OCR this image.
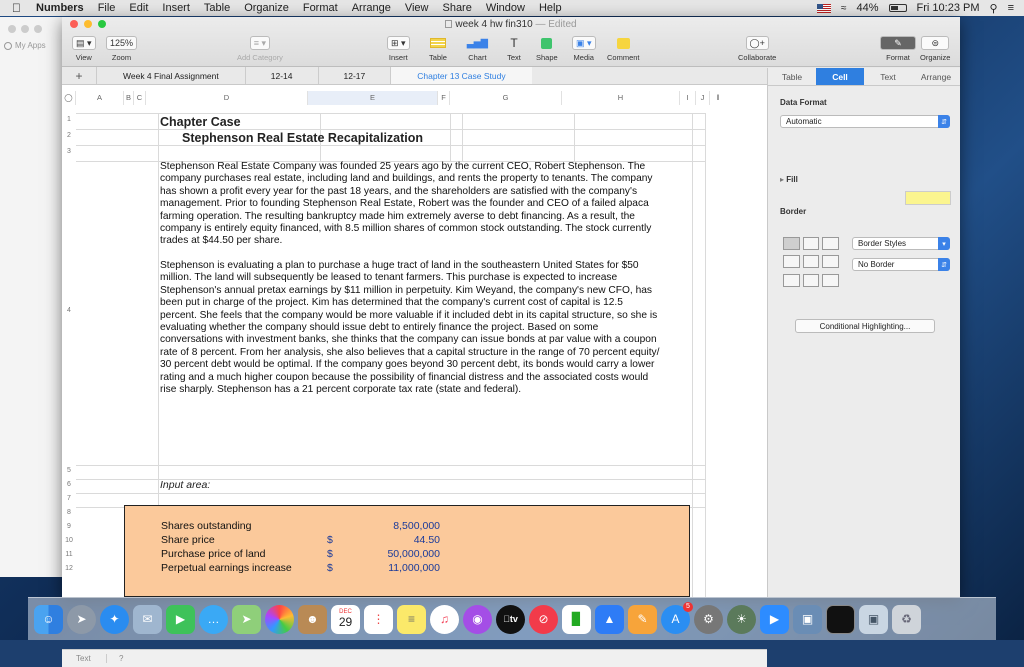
Numbers	File	Edit	Insert	Table	Organize	Format	Arrange	View	Share	Window	Help	≈ 44%	Fri 10:23 PM ⚲ ≡
My Apps
week 4 hw fin310 — Edited
▤ ▾
View
125%
Zoom
≡ ▾
Add Category
⊞ ▾
Insert	Table
▃▅▇
Chart
T
Text Shape
▣ ▾
Media Comment
◯+
Collaborate
✎
Format
⊜
Organize
+	Week 4 Final Assignment	12-14	12-17	Chapter 13 Case Study
◯	A	B C	D	E	F	G	H	I	J	‖
1
2
3
4
5
6
7
8
9
10
11
12
Chapter Case
Stephenson Real Estate Recapitalization
Stephenson Real Estate Company was founded 25 years ago by the current CEO, Robert Stephenson. The
company purchases real estate, including land and buildings, and rents the property to tenants. The company
has shown a profit every year for the past 18 years, and the shareholders are satisfied with the company's
management. Prior to founding Stephenson Real Estate, Robert was the founder and CEO of a failed alpaca
farming operation. The resulting bankruptcy made him extremely averse to debt financing. As a result, the
company is entirely equity financed, with 8.5 million shares of common stock outstanding. The stock currently
trades at $44.50 per share.
Stephenson is evaluating a plan to purchase a huge tract of land in the southeastern United States for $50
million. The land will subsequently be leased to tenant farmers. This purchase is expected to increase
Stephenson's annual pretax earnings by $11 million in perpetuity. Kim Weyand, the company's new CFO, has
been put in charge of the project. Kim has determined that the company's current cost of capital is 12.5
percent. She feels that the company would be more valuable if it included debt in its capital structure, so she is
evaluating whether the company should issue debt to entirely finance the project. Based on some
conversations with investment banks, she thinks that the company can issue bonds at par value with a coupon
rate of 8 percent. From her analysis, she also believes that a capital structure in the range of 70 percent equity/
30 percent debt would be optimal. If the company goes beyond 30 percent debt, its bonds would carry a lower
rating and a much higher coupon because the possibility of financial distress and the associated costs would
rise sharply. Stephenson has a 21 percent corporate tax rate (state and federal).
Input area:
Shares outstanding	8,500,000
Share price	$	44.50
Purchase price of land	$	50,000,000
Perpetual earnings increase	$	11,000,000
Text	?
Table	Cell	Text	Arrange
Data Format
Automatic	⇵
▸ Fill
Border
Border Styles	▾
No Border	⇵
Conditional Highlighting...
☺	➤	✦	✉	▶	…	➤	☻	DEC
29	⋮	≡	♫	◉	tv	⊘	▉	▲	✎	A
5
⚙	☀	▶	▣	▣	♻
